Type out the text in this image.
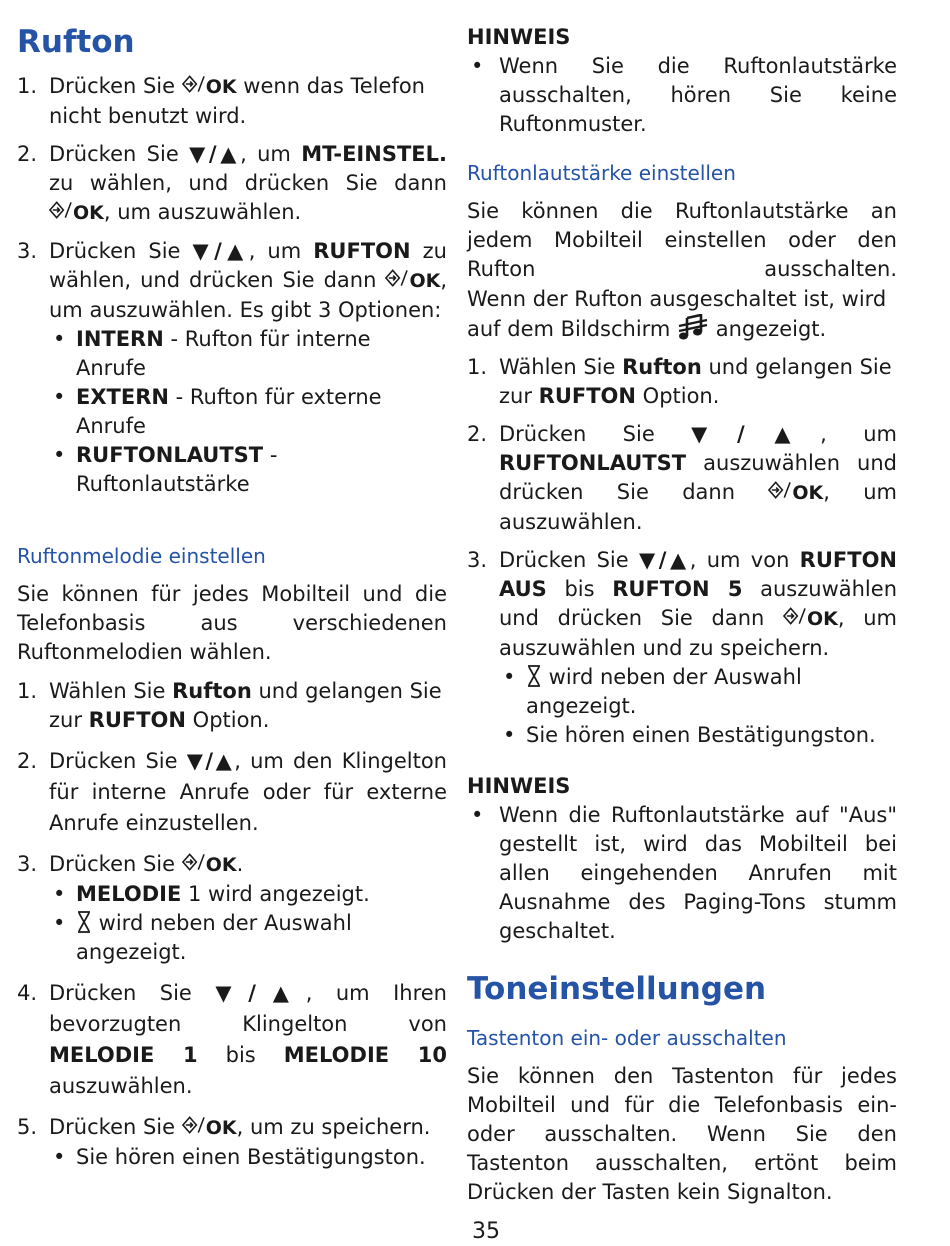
Rufton
1. Drücken Sie OK wenn das Telefon nicht benutzt wird.
2. Drücken Sie ▼/▲, um MT-EINSTEL. zu wählen, und drücken Sie dann
OK , um auszuwählen.
3. Drücken Sie ▼/▲, um RUFTON zu wählen, und drücken Sie dann OK , um auszuwählen. Es gibt 3 Optionen:
• INTERN - Rufton für interne Anrufe
• EXTERN - Rufton für externe Anrufe
• RUFTONLAUTST - Ruftonlautstärke
Ruftonmelodie einstellen

Sie können für jedes Mobilteil und die Telefonbasis aus verschiedenen Ruftonmelodien wählen.

1. Wählen Sie Rufton und gelangen Sie zur RUFTON Option.
2. Drücken Sie ▼/▲, um den Klingelton für interne Anrufe oder für externe Anrufe einzustellen.
3. Drücken Sie OK .
• MELODIE 1 wird angezeigt.
• wird neben der Auswahl angezeigt.
4. Drücken Sie ▼/▲, um Ihren bevorzugten Klingelton von MELODIE 1 bis MELODIE 10 auszuwählen.
5. Drücken Sie OK , um zu speichern.
• Sie hören einen Bestätigungston.
HINWEIS
• Wenn Sie die Ruftonlautstärke ausschalten, hören Sie keine Ruftonmuster.
Ruftonlautstärke einstellen

Sie können die Ruftonlautstärke an jedem Mobilteil einstellen oder den Rufton ausschalten.

Wenn der Rufton ausgeschaltet ist, wird auf dem Bildschirm  angezeigt.

1. Wählen Sie Rufton und gelangen Sie zur RUFTON Option.
2. Drücken Sie ▼/▲, um RUFTONLAUTST auszuwählen und drücken Sie dann OK , um auszuwählen.
3. Drücken Sie ▼/▲, um von RUFTON AUS bis RUFTON 5 auszuwählen und drücken Sie dann OK , um auszuwählen und zu speichern.
• wird neben der Auswahl angezeigt.
• Sie hören einen Bestätigungston.
HINWEIS
• Wenn die Ruftonlautstärke auf "Aus" gestellt ist, wird das Mobilteil bei allen eingehenden Anrufen mit Ausnahme des Paging-Tons stumm geschaltet.
Toneinstellungen
Tastenton ein- oder ausschalten

Sie können den Tastenton für jedes Mobilteil und für die Telefonbasis ein- oder ausschalten. Wenn Sie den Tastenton ausschalten, ertönt beim Drücken der Tasten kein Signalton.

35
